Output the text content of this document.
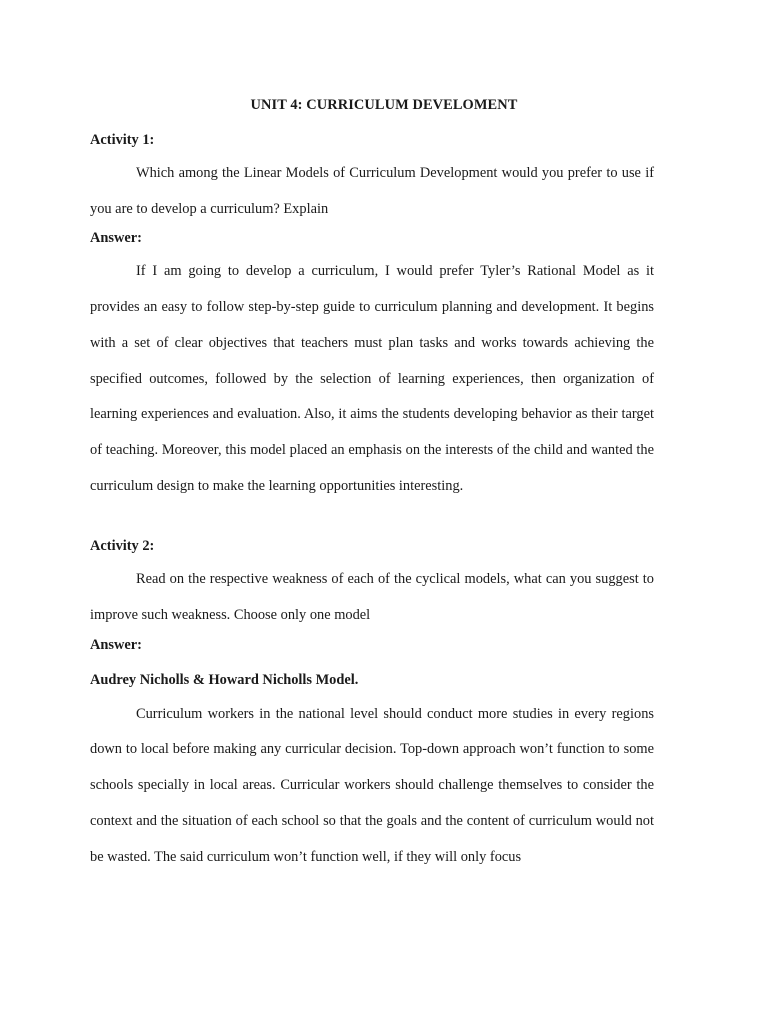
UNIT 4: CURRICULUM DEVELOMENT
Activity 1:

Which among the Linear Models of Curriculum Development would you prefer to use if you are to develop a curriculum? Explain

Answer:

If I am going to develop a curriculum, I would prefer Tyler’s Rational Model as it provides an easy to follow step-by-step guide to curriculum planning and development. It begins with a set of clear objectives that teachers must plan tasks and works towards achieving the specified outcomes, followed by the selection of learning experiences, then organization of learning experiences and evaluation. Also, it aims the students developing behavior as their target of teaching. Moreover, this model placed an emphasis on the interests of the child and wanted the curriculum design to make the learning opportunities interesting.

Activity 2:

Read on the respective weakness of each of the cyclical models, what can you suggest to improve such weakness. Choose only one model

Answer:
Audrey Nicholls & Howard Nicholls Model.

Curriculum workers in the national level should conduct more studies in every regions down to local before making any curricular decision. Top-down approach won’t function to some schools specially in local areas. Curricular workers should challenge themselves to consider the context and the situation of each school so that the goals and the content of curriculum would not be wasted. The said curriculum won’t function well, if they will only focus
